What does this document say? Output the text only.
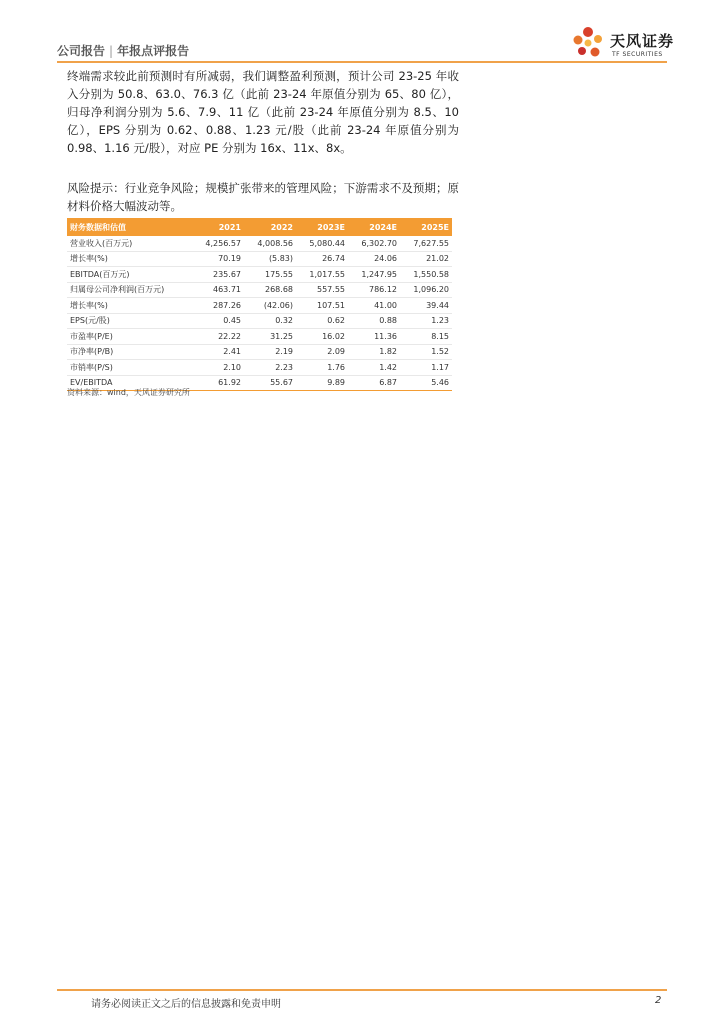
公司报告 | 年报点评报告
天风证券
TF SECURITIES

终端需求较此前预测时有所减弱，我们调整盈利预测，预计公司 23-25 年收入分别为 50.8、63.0、76.3 亿（此前 23-24 年原值分别为 65、80 亿），归母净利润分别为 5.6、7.9、11 亿（此前 23-24 年原值分别为 8.5、10 亿），EPS 分别为 0.62、0.88、1.23 元/股（此前 23-24 年原值分别为 0.98、1.16 元/股），对应 PE 分别为 16x、11x、8x。

风险提示：行业竞争风险；规模扩张带来的管理风险；下游需求不及预期；原材料价格大幅波动等。

财务数据和估值	2021	2022	2023E	2024E	2025E
营业收入(百万元)	4,256.57	4,008.56	5,080.44	6,302.70	7,627.55
增长率(%)	70.19	(5.83)	26.74	24.06	21.02
EBITDA(百万元)	235.67	175.55	1,017.55	1,247.95	1,550.58
归属母公司净利润(百万元)	463.71	268.68	557.55	786.12	1,096.20
增长率(%)	287.26	(42.06)	107.51	41.00	39.44
EPS(元/股)	0.45	0.32	0.62	0.88	1.23
市盈率(P/E)	22.22	31.25	16.02	11.36	8.15
市净率(P/B)	2.41	2.19	2.09	1.82	1.52
市销率(P/S)	2.10	2.23	1.76	1.42	1.17
EV/EBITDA	61.92	55.67	9.89	6.87	5.46
资料来源：wind，天风证券研究所
请务必阅读正文之后的信息披露和免责申明	2
